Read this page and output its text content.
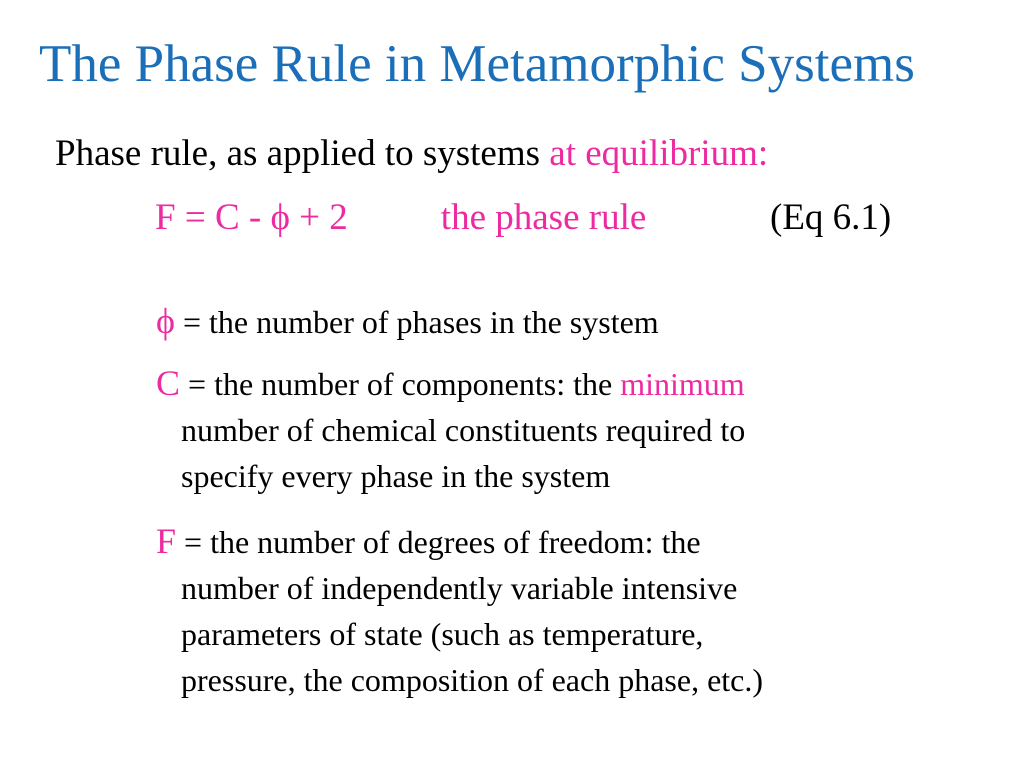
The Phase Rule in Metamorphic Systems
Phase rule, as applied to systems at equilibrium:
F = C - ϕ + 2	the phase rule	(Eq 6.1)
ϕ = the number of phases in the system
C = the number of components: the minimum
number of chemical constituents required to
specify every phase in the system
F = the number of degrees of freedom: the
number of independently variable intensive
parameters of state (such as temperature,
pressure, the composition of each phase, etc.)
